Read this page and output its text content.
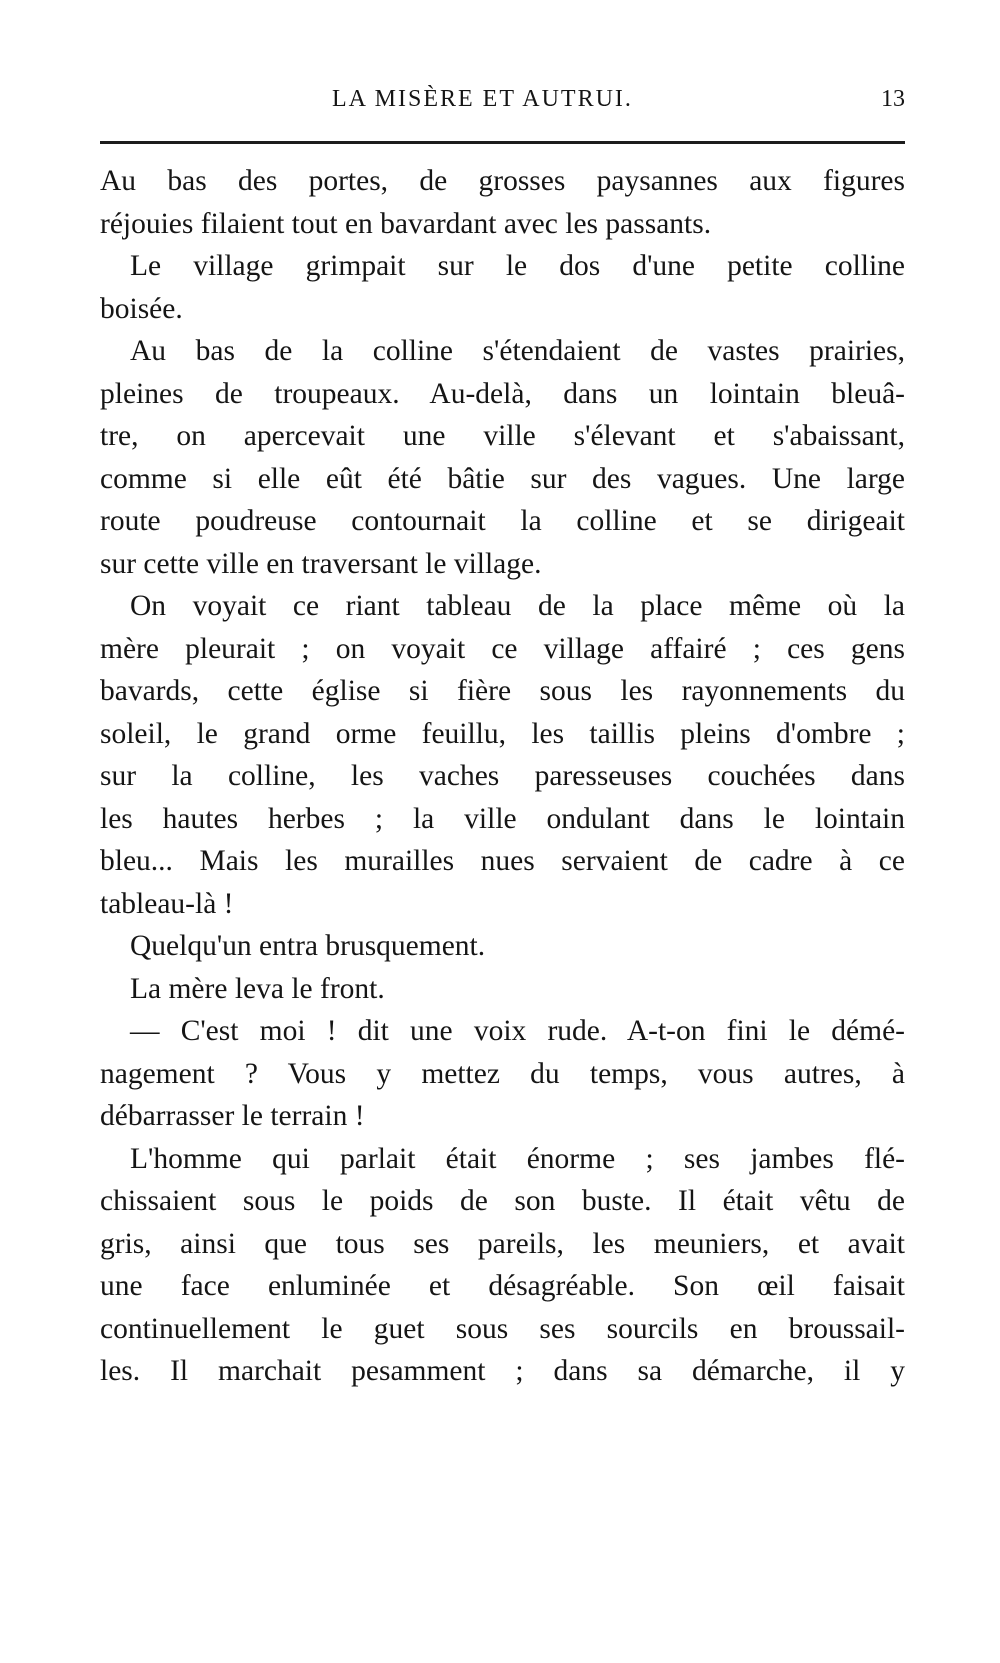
LA MISÈRE ET AUTRUI.	13
Au bas des portes, de grosses paysannes aux figures
réjouies filaient tout en bavardant avec les passants.
Le village grimpait sur le dos d'une petite colline
boisée.
Au bas de la colline s'étendaient de vastes prairies,
pleines de troupeaux. Au-delà, dans un lointain bleuâ-
tre, on apercevait une ville s'élevant et s'abaissant,
comme si elle eût été bâtie sur des vagues. Une large
route poudreuse contournait la colline et se dirigeait
sur cette ville en traversant le village.
On voyait ce riant tableau de la place même où la
mère pleurait ; on voyait ce village affairé ; ces gens
bavards, cette église si fière sous les rayonnements du
soleil, le grand orme feuillu, les taillis pleins d'ombre ;
sur la colline, les vaches paresseuses couchées dans
les hautes herbes ; la ville ondulant dans le lointain
bleu... Mais les murailles nues servaient de cadre à ce
tableau-là !
Quelqu'un entra brusquement.
La mère leva le front.
— C'est moi ! dit une voix rude. A-t-on fini le démé-
nagement ? Vous y mettez du temps, vous autres, à
débarrasser le terrain !
L'homme qui parlait était énorme ; ses jambes flé-
chissaient sous le poids de son buste. Il était vêtu de
gris, ainsi que tous ses pareils, les meuniers, et avait
une face enluminée et désagréable. Son œil faisait
continuellement le guet sous ses sourcils en broussail-
les. Il marchait pesamment ; dans sa démarche, il y
